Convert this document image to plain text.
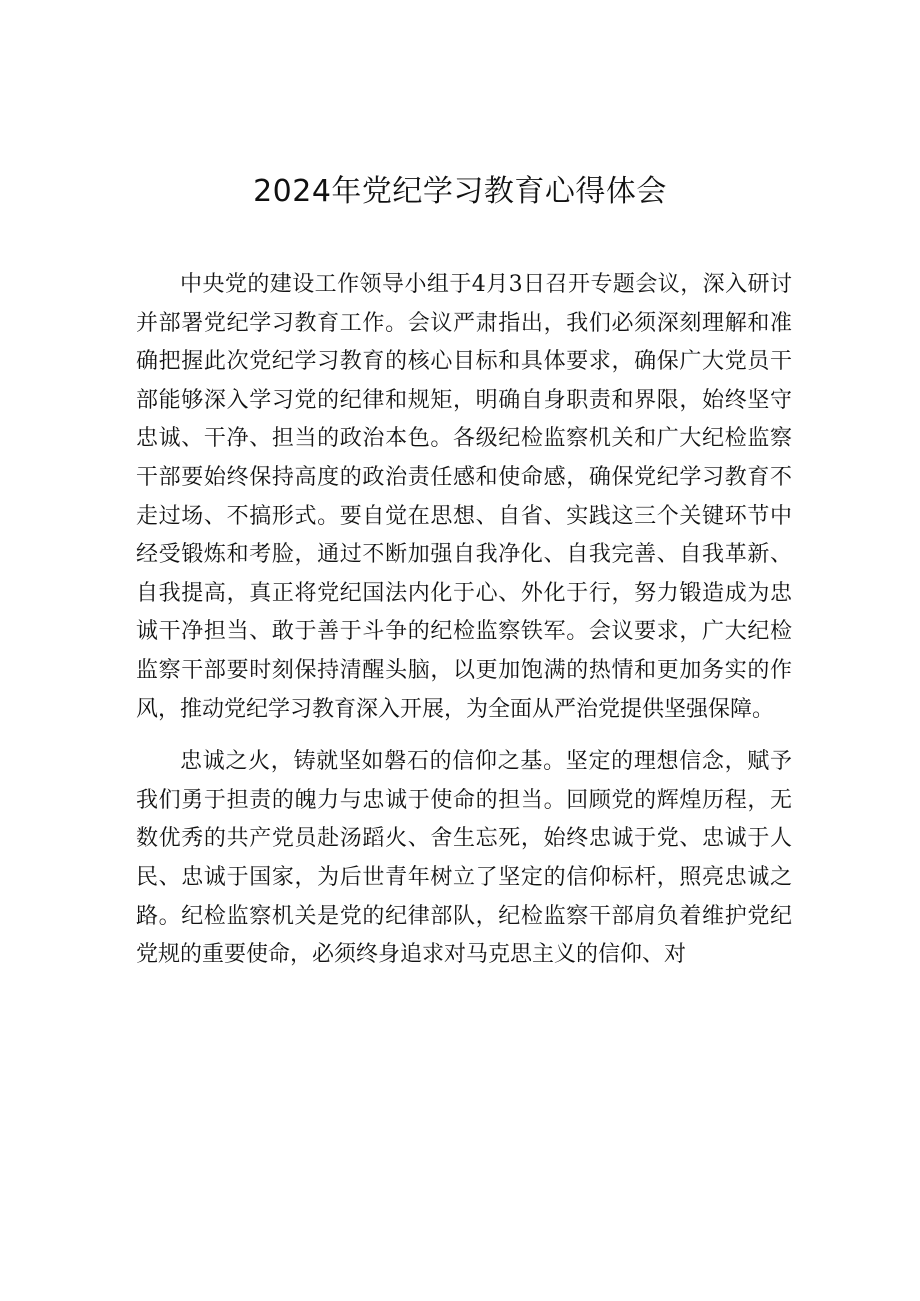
2024年党纪学习教育心得体会

中央党的建设工作领导小组于4月3日召开专题会议，深入研讨并部署党纪学习教育工作。会议严肃指出，我们必须深刻理解和准确把握此次党纪学习教育的核心目标和具体要求，确保广大党员干部能够深入学习党的纪律和规矩，明确自身职责和界限，始终坚守忠诚、干净、担当的政治本色。各级纪检监察机关和广大纪检监察干部要始终保持高度的政治责任感和使命感，确保党纪学习教育不走过场、不搞形式。要自觉在思想、自省、实践这三个关键环节中经受锻炼和考脸，通过不断加强自我净化、自我完善、自我革新、自我提高，真正将党纪国法内化于心、外化于行，努力锻造成为忠诚干净担当、敢于善于斗争的纪检监察铁军。会议要求，广大纪检监察干部要时刻保持清醒头脑，以更加饱满的热情和更加务实的作风，推动党纪学习教育深入开展，为全面从严治党提供坚强保障。

忠诚之火，铸就坚如磐石的信仰之基。坚定的理想信念，赋予我们勇于担责的魄力与忠诚于使命的担当。回顾党的辉煌历程，无数优秀的共产党员赴汤蹈火、舍生忘死，始终忠诚于党、忠诚于人民、忠诚于国家，为后世青年树立了坚定的信仰标杆，照亮忠诚之路。纪检监察机关是党的纪律部队，纪检监察干部肩负着维护党纪党规的重要使命，必须终身追求对马克思主义的信仰、对
